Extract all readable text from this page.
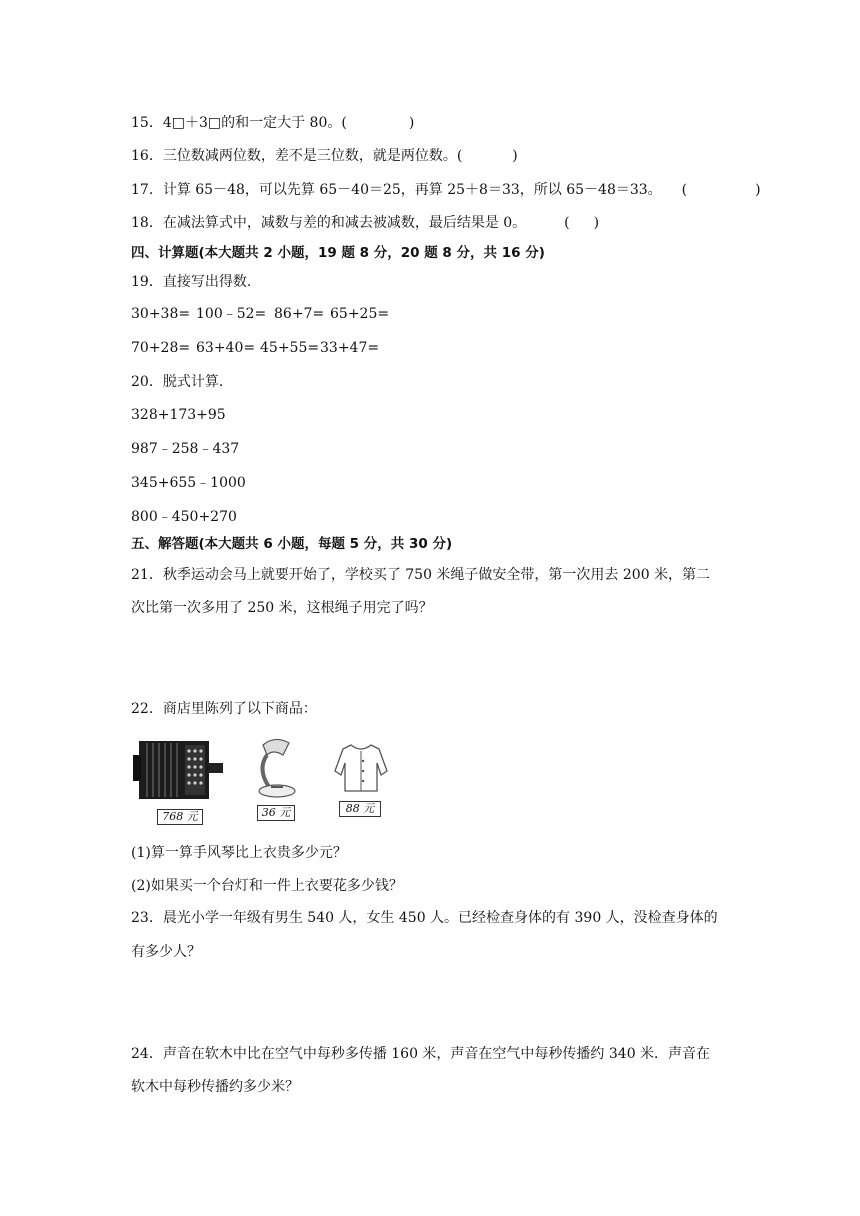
15．4□＋3□的和一定大于 80。(	)
16．三位数减两位数，差不是三位数，就是两位数。(	)
17．计算 65－48，可以先算 65－40＝25，再算 25＋8＝33，所以 65－48＝33。 (	)
18．在减法算式中，减数与差的和减去被减数，最后结果是 0。	( )
四、计算题(本大题共 2 小题，19 题 8 分，20 题 8 分，共 16 分)
19．直接写出得数.
30+38= 100﹣52= 86+7= 65+25=
70+28= 63+40= 45+55=33+47=
20．脱式计算.
328+173+95
987﹣258﹣437
345+655﹣1000
800﹣450+270
五、解答题(本大题共 6 小题，每题 5 分，共 30 分)
21．秋季运动会马上就要开始了，学校买了 750 米绳子做安全带，第一次用去 200 米，第二
次比第一次多用了 250 米，这根绳子用完了吗？
22．商店里陈列了以下商品：
768 元	36 元	88 元
(1)算一算手风琴比上衣贵多少元？
(2)如果买一个台灯和一件上衣要花多少钱？
23．晨光小学一年级有男生 540 人，女生 450 人。已经检查身体的有 390 人，没检查身体的
有多少人？
24．声音在软木中比在空气中每秒多传播 160 米，声音在空气中每秒传播约 340 米．声音在
软木中每秒传播约多少米？
